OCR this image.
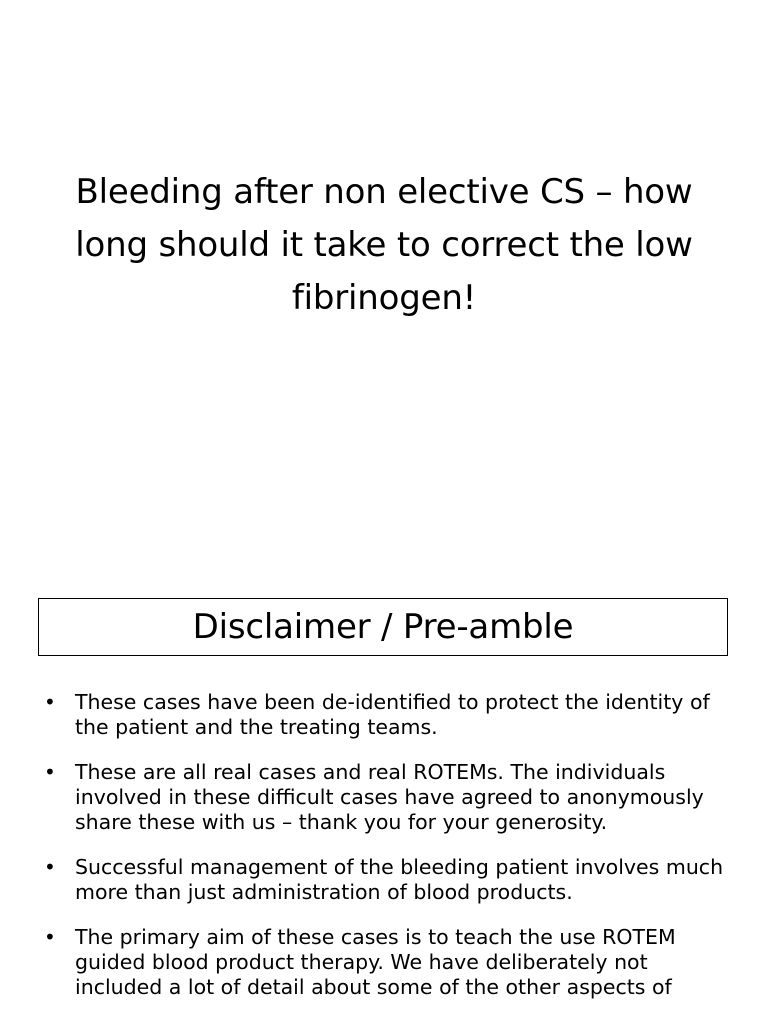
Bleeding after non elective CS – how long should it take to correct the low fibrinogen!
Disclaimer / Pre-amble
• These cases have been de-identified to protect the identity of the patient and the treating teams.
• These are all real cases and real ROTEMs. The individuals involved in these difficult cases have agreed to anonymously share these with us – thank you for your generosity.
• Successful management of the bleeding patient involves much more than just administration of blood products.
• The primary aim of these cases is to teach the use ROTEM guided blood product therapy. We have deliberately not included a lot of detail about some of the other aspects of
